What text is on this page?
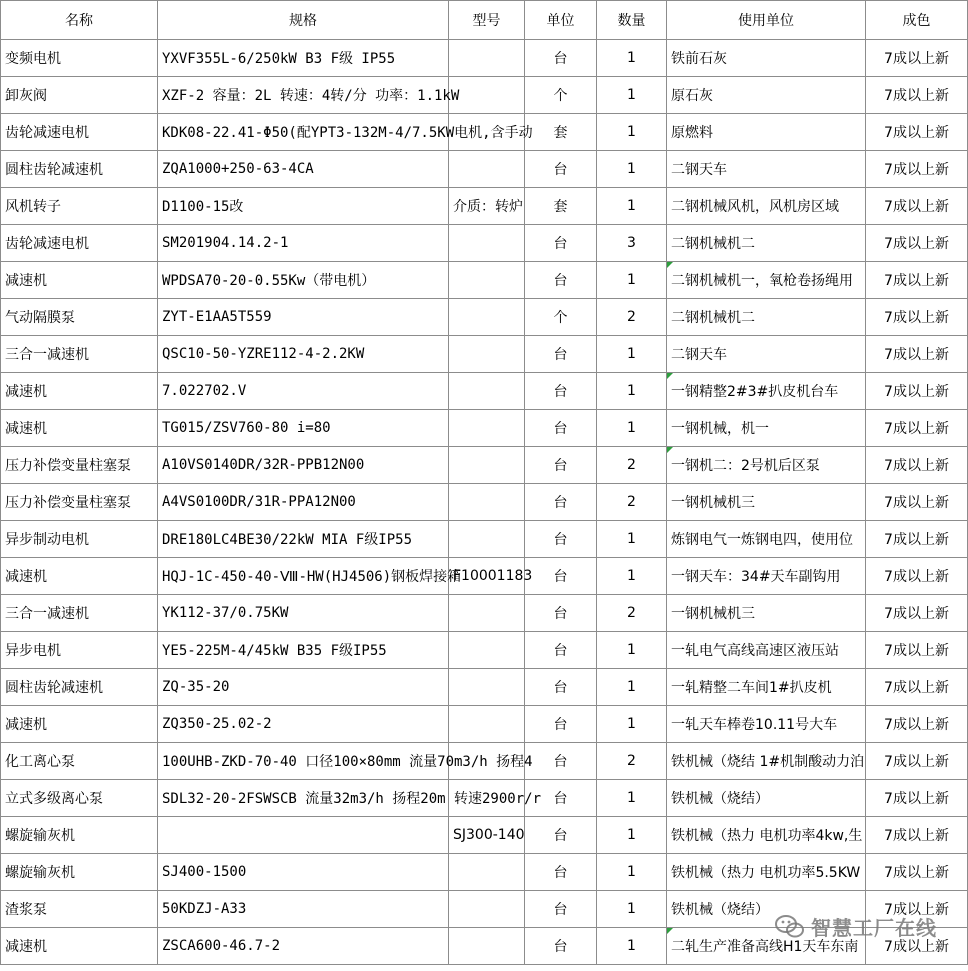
名称	规格	型号	单位	数量	使用单位	成色
变频电机	YXVF355L-6/250kW B3 F级 IP55		台	1	铁前石灰	7成以上新
卸灰阀	XZF-2 容量：2L 转速：4转/分 功率：1.1kW		个	1	原石灰	7成以上新
齿轮减速电机	KDK08-22.41-Φ50(配YPT3-132M-4/7.5KW电机,含手动		套	1	原燃料	7成以上新
圆柱齿轮减速机	ZQA1000+250-63-4CA		台	1	二钢天车	7成以上新
风机转子	D1100-15改	介质：转炉	套	1	二钢机械风机，风机房区域	7成以上新
齿轮减速电机	SM201904.14.2-1		台	3	二钢机械机二	7成以上新
减速机	WPDSA70-20-0.55Kw（带电机）		台	1	二钢机械机一，氧枪卷扬绳用	7成以上新
气动隔膜泵	ZYT-E1AA5T559		个	2	二钢机械机二	7成以上新
三合一减速机	QSC10-50-YZRE112-4-2.2KW		台	1	二钢天车	7成以上新
减速机	7.022702.V		台	1	一钢精整2#3#扒皮机台车	7成以上新
减速机	TG015/ZSV760-80 i=80		台	1	一钢机械，机一	7成以上新
压力补偿变量柱塞泵	A10VS0140DR/32R-PPB12N00		台	2	一钢机二：2号机后区泵	7成以上新
压力补偿变量柱塞泵	A4VS0100DR/31R-PPA12N00		台	2	一钢机械机三	7成以上新
异步制动电机	DRE180LC4BE30/22kW MIA F级IP55		台	1	炼钢电气一炼钢电四，使用位	7成以上新
减速机	HQJ-1C-450-40-Ⅷ-HW(HJ4506)钢板焊接箱	F10001183	台	1	一钢天车：34#天车副钩用	7成以上新
三合一减速机	YK112-37/0.75KW		台	2	一钢机械机三	7成以上新
异步电机	YE5-225M-4/45kW B35 F级IP55		台	1	一轧电气高线高速区液压站	7成以上新
圆柱齿轮减速机	ZQ-35-20		台	1	一轧精整二车间1#扒皮机	7成以上新
减速机	ZQ350-25.02-2		台	1	一轧天车棒卷10.11号大车	7成以上新
化工离心泵	100UHB-ZKD-70-40 口径100×80mm 流量70m3/h 扬程4		台	2	铁机械（烧结 1#机制酸动力泊	7成以上新
立式多级离心泵	SDL32-20-2FSWSCB 流量32m3/h 扬程20m 转速2900r/r		台	1	铁机械（烧结）	7成以上新
螺旋输灰机		SJ300-140	台	1	铁机械（热力 电机功率4kw,生	7成以上新
螺旋输灰机	SJ400-1500		台	1	铁机械（热力 电机功率5.5KW	7成以上新
渣浆泵	50KDZJ-A33		台	1	铁机械（烧结）	7成以上新
减速机	ZSCA600-46.7-2		台	1	二轧生产准备高线H1天车东南	7成以上新
智慧工厂在线
